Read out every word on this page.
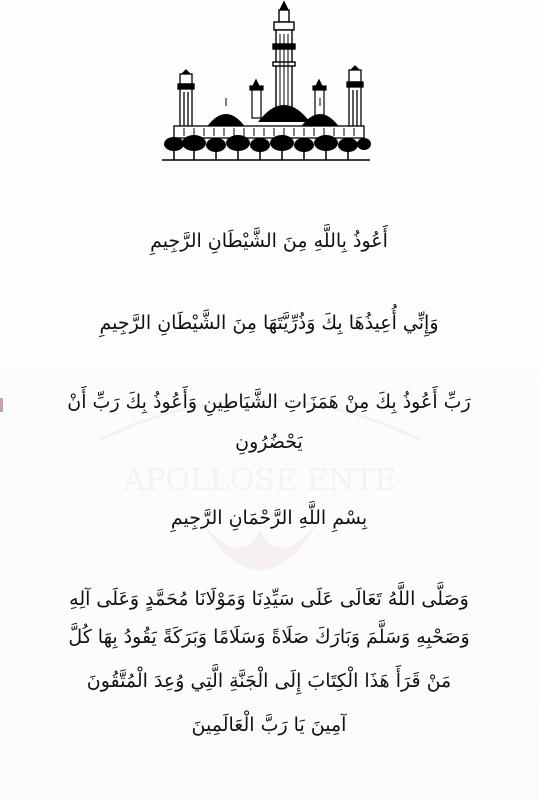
APOLLOSE ENTE
أَعُوذُ بِاللَّهِ مِنَ الشَّيْطَانِ الرَّجِيمِ
وَإِنِّي أُعِيذُهَا بِكَ وَذُرِّيَّتَهَا مِنَ الشَّيْطَانِ الرَّجِيمِ
رَبِّ أَعُوذُ بِكَ مِنْ هَمَزَاتِ الشَّيَاطِينِ وَأَعُوذُ بِكَ رَبِّ أَنْ
يَحْضُرُونِ
بِسْمِ اللَّهِ الرَّحْمَانِ الرَّجِيمِ
وَصَلَّى اللَّهُ تَعَالَى عَلَى سَيِّدِنَا وَمَوْلَانَا مُحَمَّدٍ وَعَلَى آلِهِ
وَصَحْبِهِ وَسَلَّمَ وَبَارَكَ صَلَاةً وَسَلَامًا وَبَرَكَةً يَقُودُ بِهَا كُلَّ
مَنْ قَرَأَ هَذَا الْكِتَابَ إِلَى الْجَنَّةِ الَّتِي وُعِدَ الْمُتَّقُونَ
آمِينَ يَا رَبَّ الْعَالَمِينَ
